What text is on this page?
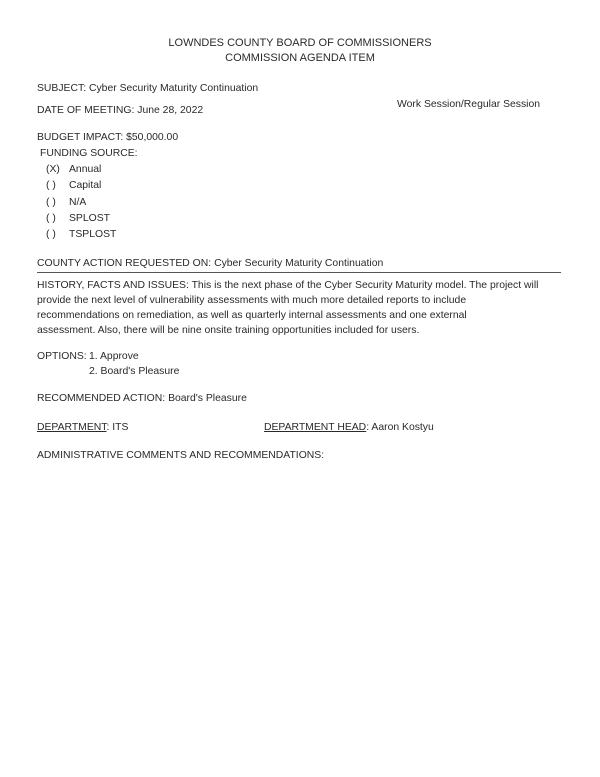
LOWNDES COUNTY BOARD OF COMMISSIONERS
COMMISSION AGENDA ITEM
SUBJECT: Cyber Security Maturity Continuation
DATE OF MEETING: June 28, 2022
Work Session/Regular Session
BUDGET IMPACT: $50,000.00
FUNDING SOURCE:
(X) Annual
( ) Capital
( ) N/A
( ) SPLOST
( ) TSPLOST
COUNTY ACTION REQUESTED ON: Cyber Security Maturity Continuation
HISTORY, FACTS AND ISSUES: This is the next phase of the Cyber Security Maturity model. The project will
provide the next level of vulnerability assessments with much more detailed reports to include
recommendations on remediation, as well as quarterly internal assessments and one external
assessment. Also, there will be nine onsite training opportunities included for users.
OPTIONS: 1. Approve
2. Board's Pleasure
RECOMMENDED ACTION: Board's Pleasure
DEPARTMENT: ITS	DEPARTMENT HEAD: Aaron Kostyu
ADMINISTRATIVE COMMENTS AND RECOMMENDATIONS:
